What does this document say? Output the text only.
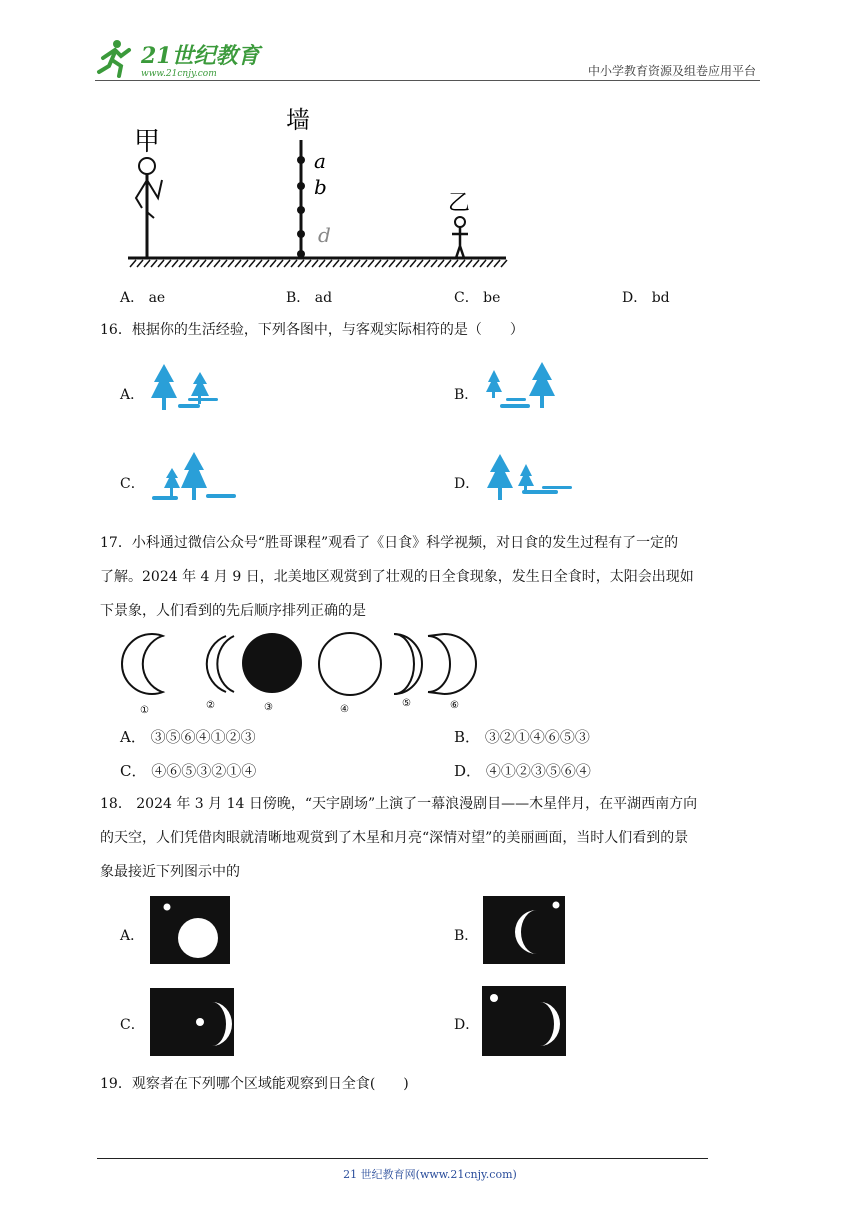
21世纪教育
www.21cnjy.com	中小学教育资源及组卷应用平台
甲
墙
a
b
d
乙
A． ae	B． ad	C． be	D． bd
16．根据你的生活经验，下列各图中，与客观实际相符的是（　　）
A．	B．
C．	D．
17．小科通过微信公众号“胜哥课程”观看了《日食》科学视频，对日食的发生过程有了一定的
了解。2024 年 4 月 9 日，北美地区观赏到了壮观的日全食现象，发生日全食时，太阳会出现如
下景象，人们看到的先后顺序排列正确的是
①	②	③	④
⑤	⑥
A． ③⑤⑥④①②③	B． ③②①④⑥⑤③
C． ④⑥⑤③②①④	D． ④①②③⑤⑥④
18． 2024 年 3 月 14 日傍晚，“天宇剧场”上演了一幕浪漫剧目——木星伴月，在平湖西南方向
的天空，人们凭借肉眼就清晰地观赏到了木星和月亮“深情对望”的美丽画面，当时人们看到的景
象最接近下列图示中的
A．	B．
C．	D．
19．观察者在下列哪个区域能观察到日全食(　　)
21 世纪教育网(www.21cnjy.com)
